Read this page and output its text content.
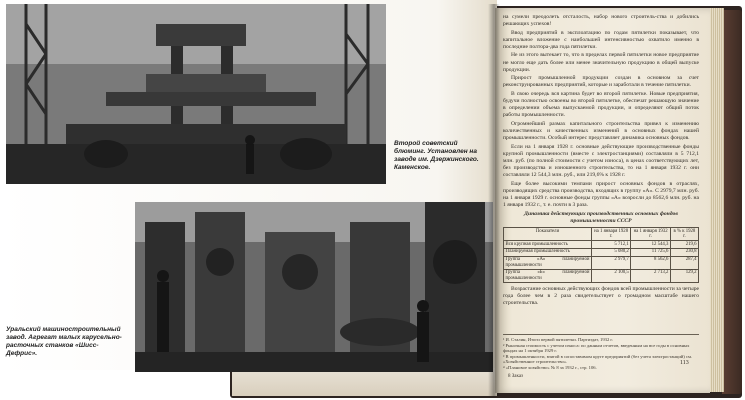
Второй советский блюминг. Установлен на заводе им. Дзержинского. Каменское.
Уральский машиностроительный завод. Агрегат малых карусельно-расточных станков «Шисс-Дефрис».

на сумели преодолеть отсталость, набор нового строитель-ства и добились решающих успехов!

Ввод предприятий в эксплоатацию по годам пятилетки показывает, что капитальное вложение с наибольшей интенсивностью охватило именно в последние полтора-два года пятилетки.

Не из этого вытекает то, что в пределах первой пятилетки новое предприятие не могло еще дать более или менее значительную продукцию в общей выпуске продукции.

Прирост промышленной продукции создан в основном за счет реконструированных предприятий, которые и заработали в течение пятилетки.

В свою очередь вся картина будет во второй пятилетке. Новые предприятия, будучи полностью освоены во второй пятилетке, обеспечат решающую значение в определении объема выпускаемой продукции, и определяют общий поток работы промышленности.

Огромнейший размах капитального строительства привел к изменению количественных и качественных изменений в основных фондах нашей промышленности. Особый интерес представляет динамика основных фондов.

Если на 1 января 1928 г. основные действующие производственные фонды крупной промышленности (вместе с электростанциями) составляли в 5 712,1 млн. руб. (по полной стоимости с учетом износа), в ценах соответствующих лет, без производства и изношенного строительства, то на 1 января 1932 г. они составляли 12 544,3 млн. руб., или 219,6% к 1928 г.

Еще более высокими темпами прирост основных фондов в отраслях, производящих средства производства, входящих в группу «А». С 2979,7 млн. руб. на 1 января 1929 г. основные фонды группы «А» возросли до 8562,6 млн. руб. на 1 января 1932 г., т. е. почти в 3 раза.

Динамика действующих производственных основных фондов промышленности СССР

Показатели	на 1 января 1928 г.	на 1 января 1932 г.	в % к 1928 г.
Вся крупная промышленность	5 712,1	12 544,3	219,6
Планируемая промышленность	5 080,2	11 725,6	230,8
Группа «А» планируемой промышленности	2 979,7	8 562,6	287,4
Группа «Б» планируемой промышленности	2 100,5	2 713,2	129,2

Возрастание основных действующих фондов всей промышленности за четыре года более чем в 2 раза свидетельствует о громадном масштабе нашего строительства.

¹ И. Сталин, Итоги первой пятилетки. Партиздат, 1932 г.
² Рыночная стоимость с учетом износа: по данным отчетов, введенным на все годы в основных фондах на 1 октября 1929 г.
³ В промышленности, взятой в сопоставимом круге предприятий (без учета электростанций) см. «Хозяйственное строительство».
⁴ «Плановое хозяйство» № 8 за 1932 г., стр. 106.
113
8 Заказ
